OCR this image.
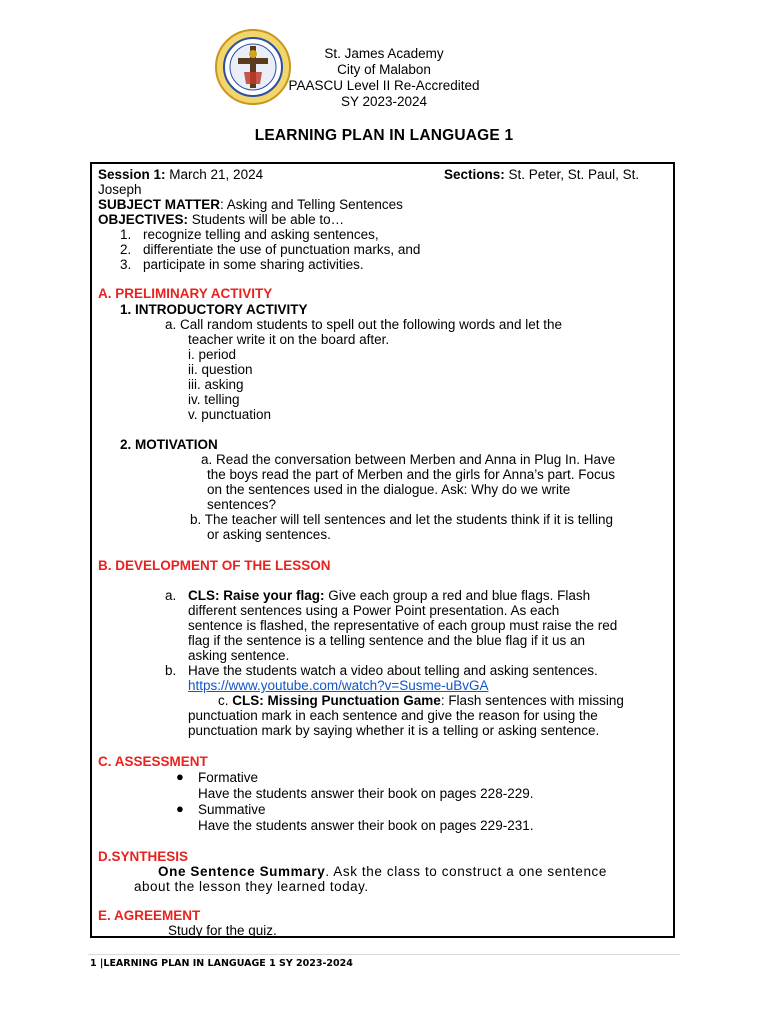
St. James Academy
City of Malabon
PAASCU Level II Re-Accredited
SY 2023-2024
LEARNING PLAN IN LANGUAGE 1
Session 1: March 21, 2024	Sections: St. Peter, St. Paul, St.
Joseph
SUBJECT MATTER: Asking and Telling Sentences
OBJECTIVES: Students will be able to…
1. recognize telling and asking sentences,
2. differentiate the use of punctuation marks, and
3. participate in some sharing activities.
A. PRELIMINARY ACTIVITY
1. INTRODUCTORY ACTIVITY
a. Call random students to spell out the following words and let the
teacher write it on the board after.
i. period
ii. question
iii. asking
iv. telling
v. punctuation
2. MOTIVATION
a. Read the conversation between Merben and Anna in Plug In. Have
the boys read the part of Merben and the girls for Anna’s part. Focus
on the sentences used in the dialogue. Ask: Why do we write
sentences?
b. The teacher will tell sentences and let the students think if it is telling
or asking sentences.
B. DEVELOPMENT OF THE LESSON
a. CLS: Raise your flag: Give each group a red and blue flags. Flash
different sentences using a Power Point presentation. As each
sentence is flashed, the representative of each group must raise the red
flag if the sentence is a telling sentence and the blue flag if it us an
asking sentence.
b. Have the students watch a video about telling and asking sentences.
https://www.youtube.com/watch?v=Susme-uBvGA
c. CLS: Missing Punctuation Game: Flash sentences with missing
punctuation mark in each sentence and give the reason for using the
punctuation mark by saying whether it is a telling or asking sentence.
C. ASSESSMENT
● Formative
Have the students answer their book on pages 228-229.
● Summative
Have the students answer their book on pages 229-231.
D.SYNTHESIS
One Sentence Summary. Ask the class to construct a one sentence
about the lesson they learned today.
E. AGREEMENT
Study for the quiz.
1 |LEARNING PLAN IN LANGUAGE 1 SY 2023-2024
